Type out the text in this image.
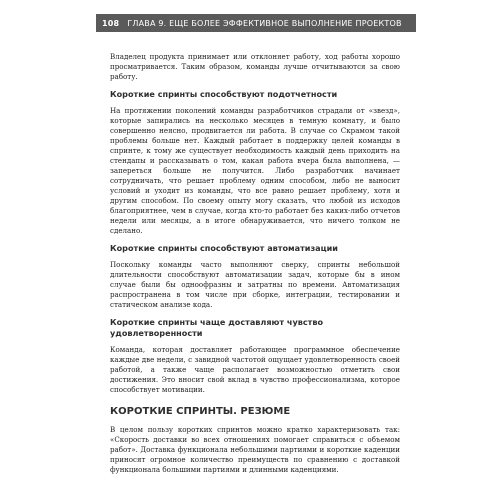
108 ГЛАВА 9. ЕЩЕ БОЛЕЕ ЭФФЕКТИВНОЕ ВЫПОЛНЕНИЕ ПРОЕКТОВ

Владелец продукта принимает или отклоняет работу, ход работы хорошо просматривается. Таким образом, команды лучше отчитываются за свою работу.

Короткие спринты способствуют подотчетности

На протяжении поколений команды разработчиков страдали от «звезд», которые запирались на несколько месяцев в темную комнату, и было совершенно неясно, продвигается ли работа. В случае со Скрамом такой проблемы больше нет. Каждый работает в поддержку целей команды в спринте, к тому же существует необходимость каждый день приходить на стендапы и рассказывать о том, какая работа вчера была выполнена, — запереться больше не получится. Либо разработчик начинает сотрудничать, что решает проблему одним способом, либо не выносит условий и уходит из команды, что все равно решает проблему, хотя и другим способом. По своему опыту могу сказать, что любой из исходов благоприятнее, чем в случае, когда кто-то работает без каких-либо отчетов недели или месяцы, а в итоге обнаруживается, что ничего толком не сделано.

Короткие спринты способствуют автоматизации

Поскольку команды часто выполняют сверку, спринты небольшой длительности способствуют автоматизации задач, которые бы в ином случае были бы одноофразны и затратны по времени. Автоматизация распространена в том числе при сборке, интеграции, тестировании и статическом анализе кода.

Короткие спринты чаще доставляют чувство удовлетворенности

Команда, которая доставляет работающее программное обеспечение каждые две недели, с завидной частотой ощущает удовлетворенность своей работой, а также чаще располагает возможностью отметить свои достижения. Это вносит свой вклад в чувство профессионализма, которое способствует мотивации.

КОРОТКИЕ СПРИНТЫ. РЕЗЮМЕ

В целом пользу коротких спринтов можно кратко характеризовать так: «Скорость доставки во всех отношениях помогает справиться с объемом работ». Доставка функционала небольшими партиями и короткие каденции приносят огромное количество преимуществ по сравнению с доставкой функционала большими партиями и длинными каденциями.
